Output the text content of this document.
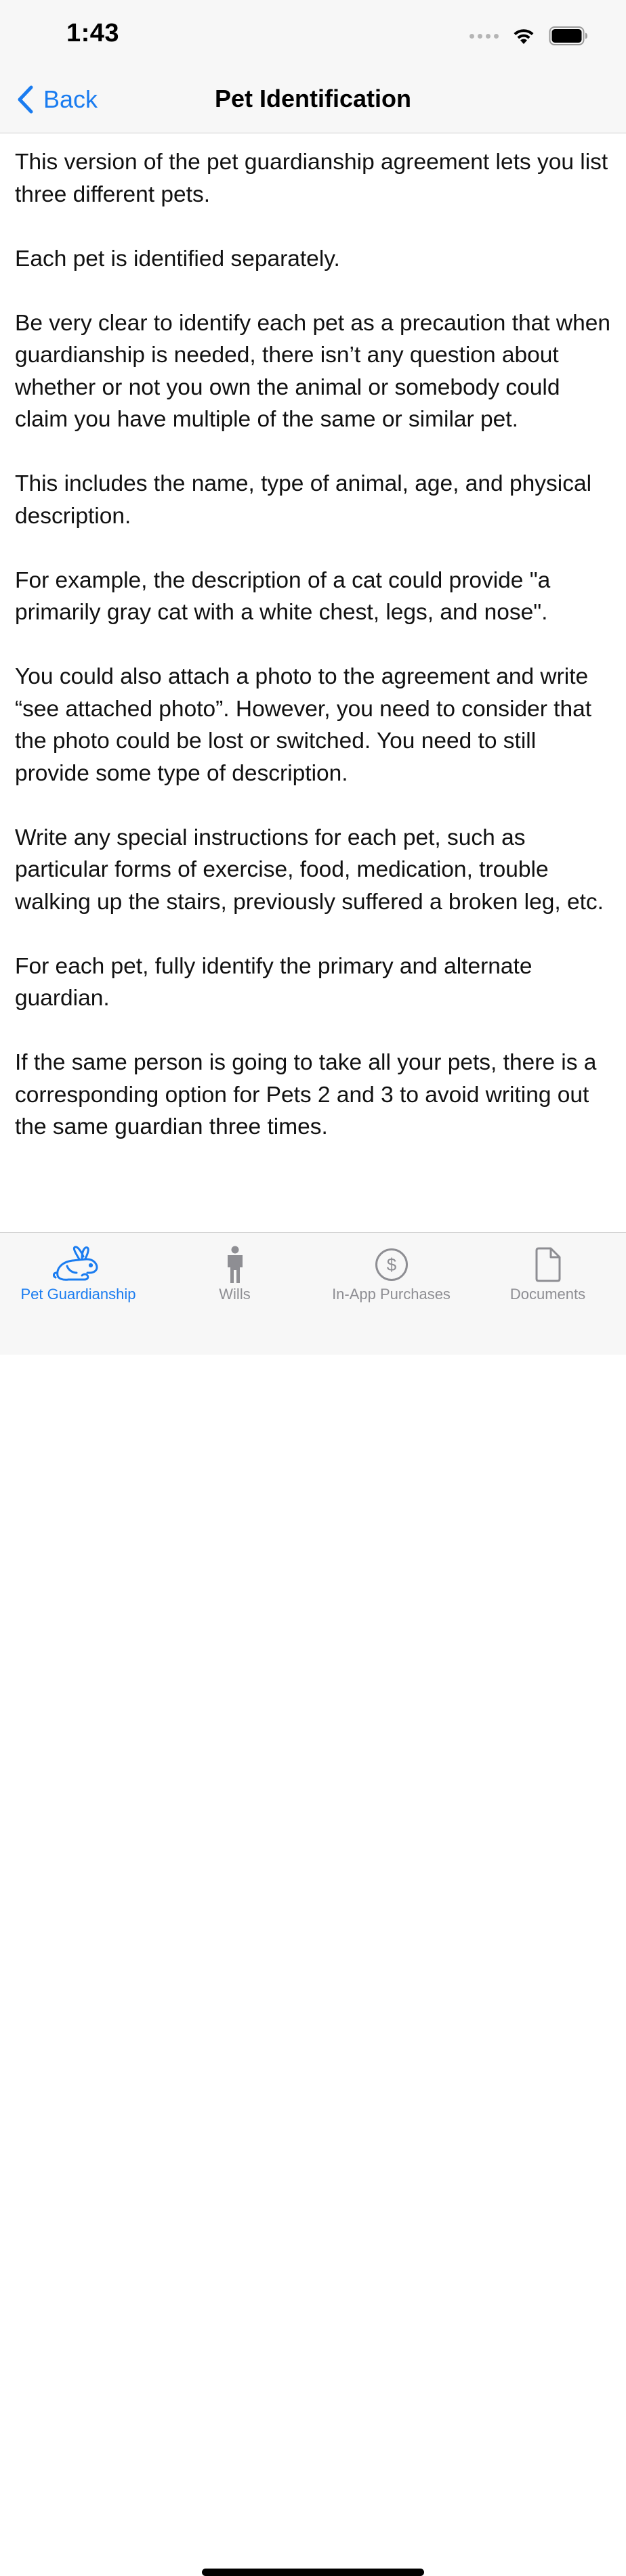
1:43
Back	Pet Identification

This version of the pet guardianship agreement lets you list three different pets.

Each pet is identified separately.

Be very clear to identify each pet as a precaution that when guardianship is needed, there isn’t any question about whether or not you own the animal or somebody could claim you have multiple of the same or similar pet.

This includes the name, type of animal, age, and physical description.

For example, the description of a cat could provide "a primarily gray cat with a white chest, legs, and nose".

You could also attach a photo to the agreement and write “see attached photo”. However, you need to consider that the photo could be lost or switched. You need to still provide some type of description.

Write any special instructions for each pet, such as particular forms of exercise, food, medication, trouble walking up the stairs, previously suffered a broken leg, etc.

For each pet, fully identify the primary and alternate guardian.

If the same person is going to take all your pets, there is a corresponding option for Pets 2 and 3 to avoid writing out the same guardian three times.

Pet Guardianship	Wills
$
In-App Purchases	Documents
